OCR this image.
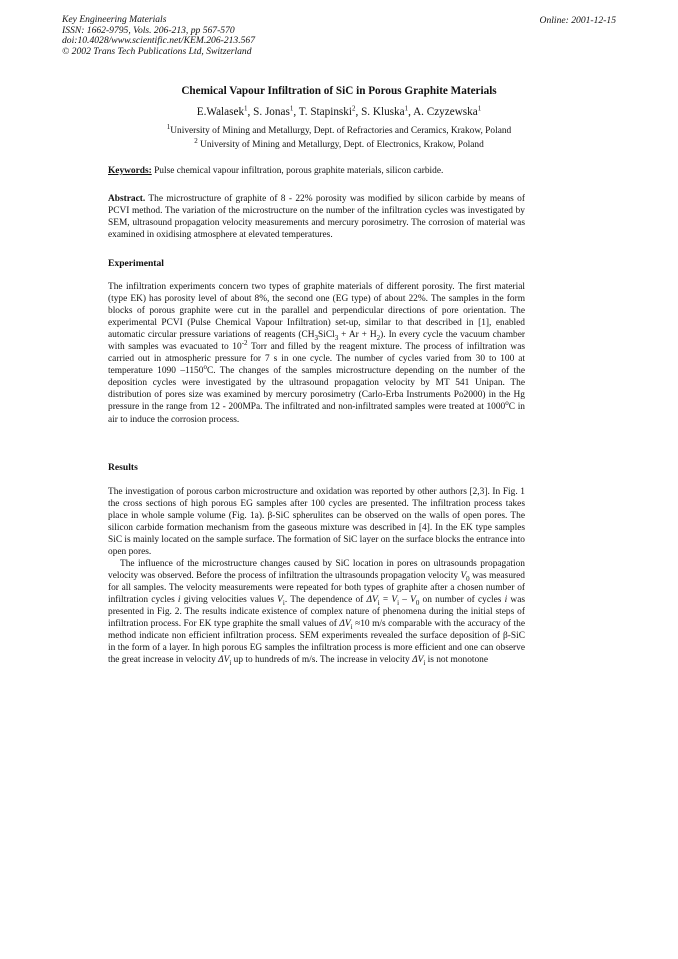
Key Engineering Materials
ISSN: 1662-9795, Vols. 206-213, pp 567-570
doi:10.4028/www.scientific.net/KEM.206-213.567
© 2002 Trans Tech Publications Ltd, Switzerland
Online: 2001-12-15
Chemical Vapour Infiltration of SiC in Porous Graphite Materials
E.Walasek$^1$, S. Jonas$^1$, T. Stapinski$^2$, S. Kluska$^1$, A. Czyzewska$^1$
$^1$University of Mining and Metallurgy, Dept. of Refractories and Ceramics, Krakow, Poland
$^2$ University of Mining and Metallurgy, Dept. of Electronics, Krakow, Poland
Keywords: Pulse chemical vapour infiltration, porous graphite materials, silicon carbide.
Abstract. The microstructure of graphite of 8 - 22% porosity was modified by silicon carbide by means of PCVI method. The variation of the microstructure on the number of the infiltration cycles was investigated by SEM, ultrasound propagation velocity measurements and mercury porosimetry. The corrosion of material was examined in oxidising atmosphere at elevated temperatures.
Experimental
The infiltration experiments concern two types of graphite materials of different porosity. The first material (type EK) has porosity level of about 8%, the second one (EG type) of about 22%. The samples in the form blocks of porous graphite were cut in the parallel and perpendicular directions of pore orientation. The experimental PCVI (Pulse Chemical Vapour Infiltration) set-up, similar to that described in [1], enabled automatic circular pressure variations of reagents $(CH_3SiCl_3 + Ar + H_2)$. In every cycle the vacuum chamber with samples was evacuated to $10^{-2}$ Torr and filled by the reagent mixture. The process of infiltration was carried out in atmospheric pressure for 7 s in one cycle. The number of cycles varied from 30 to 100 at temperature 1090 –1150$^o$C. The changes of the samples microstructure depending on the number of the deposition cycles were investigated by the ultrasound propagation velocity by MT 541 Unipan. The distribution of pores size was examined by mercury porosimetry (Carlo-Erba Instruments Po2000) in the Hg pressure in the range from 12 - 200MPa. The infiltrated and non-infiltrated samples were treated at 1000$^o$C in air to induce the corrosion process.
Results
The investigation of porous carbon microstructure and oxidation was reported by other authors [2,3]. In Fig. 1 the cross sections of high porous EG samples after 100 cycles are presented. The infiltration process takes place in whole sample volume (Fig. 1a). β-SiC spherulites can be observed on the walls of open pores. The silicon carbide formation mechanism from the gaseous mixture was described in [4]. In the EK type samples SiC is mainly located on the sample surface. The formation of SiC layer on the surface blocks the entrance into open pores.
The influence of the microstructure changes caused by SiC location in pores on ultrasounds propagation velocity was observed. Before the process of infiltration the ultrasounds propagation velocity $V_0$ was measured for all samples. The velocity measurements were repeated for both types of graphite after a chosen number of infiltration cycles i giving velocities values $V_i$. The dependence of $\Delta V_i = V_i - V_0$ on number of cycles i was presented in Fig. 2. The results indicate existence of complex nature of phenomena during the initial steps of infiltration process. For EK type graphite the small values of $\Delta V_i \approx 10$ m/s comparable with the accuracy of the method indicate non efficient infiltration process. SEM experiments revealed the surface deposition of β-SiC in the form of a layer. In high porous EG samples the infiltration process is more efficient and one can observe the great increase in velocity $\Delta V_i$ up to hundreds of m/s. The increase in velocity $\Delta V_i$ is not monotone
